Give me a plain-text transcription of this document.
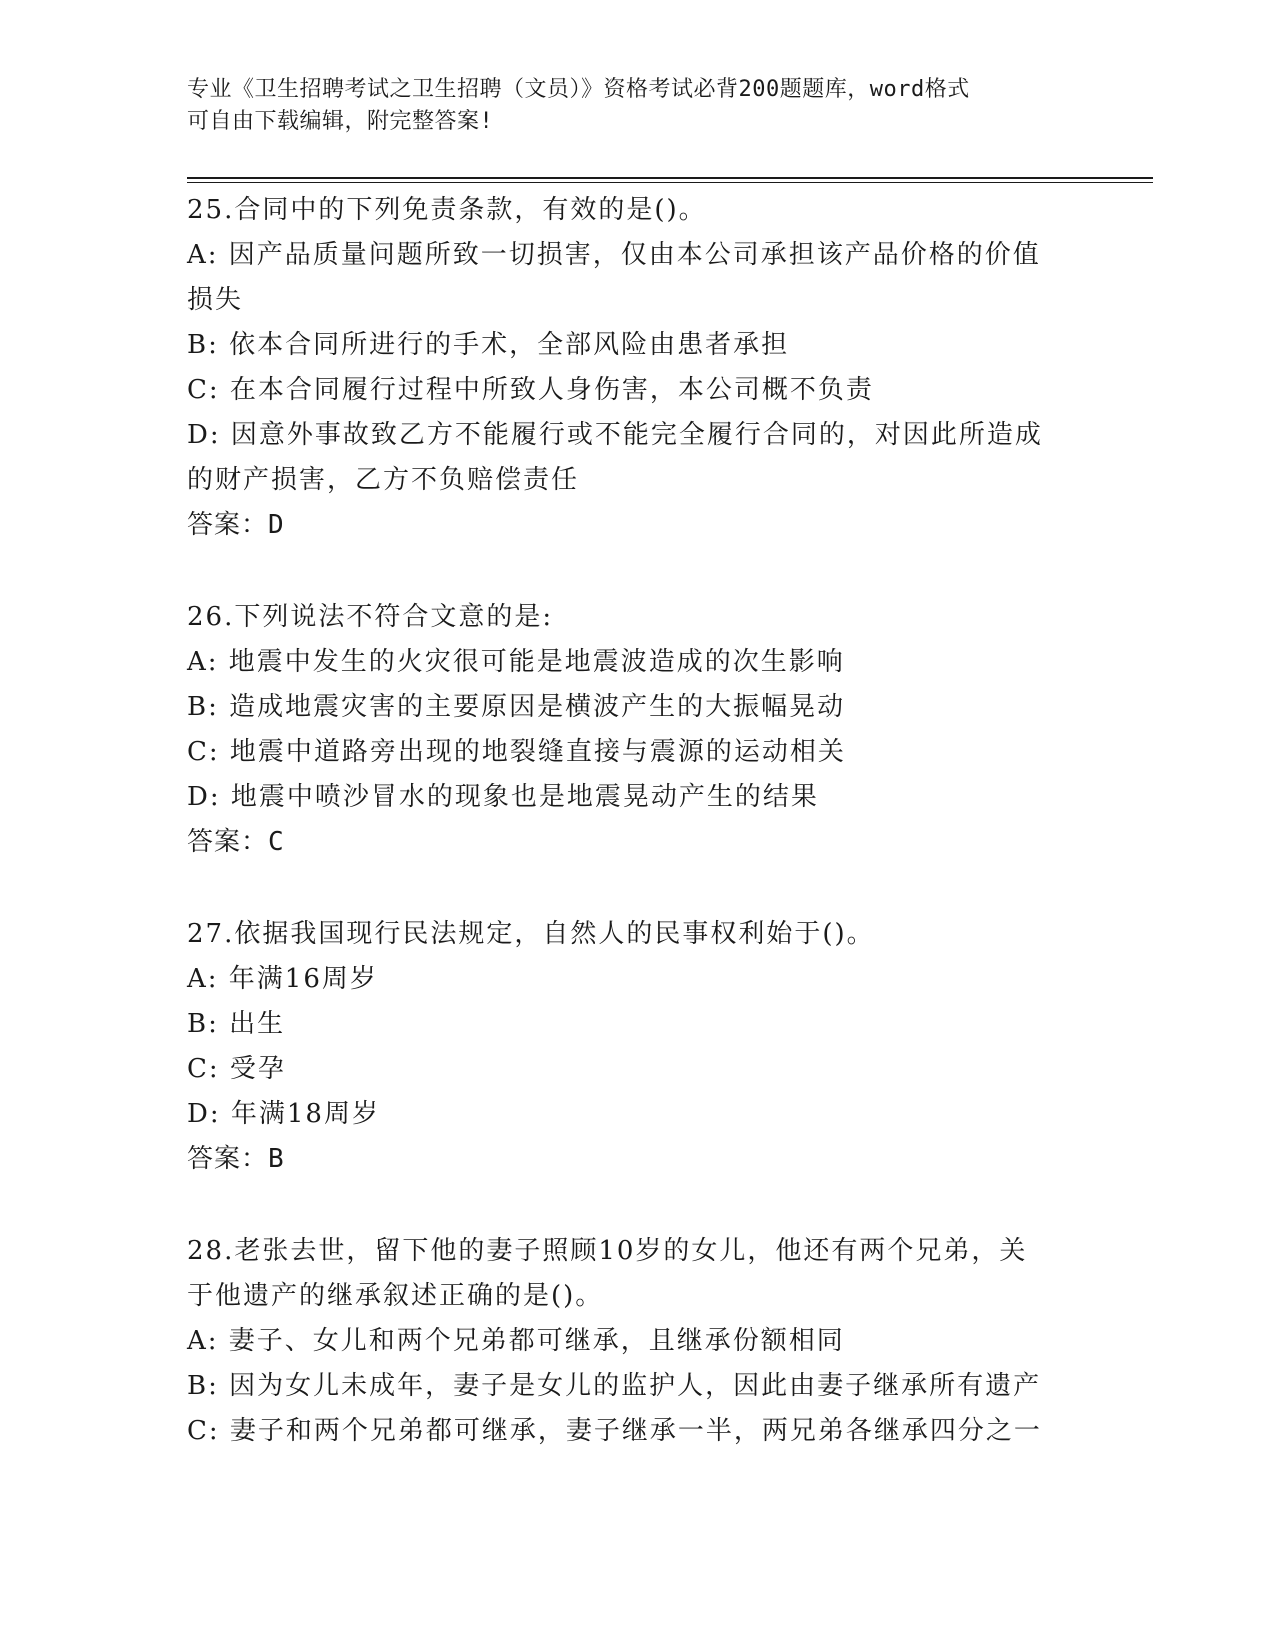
专业《卫生招聘考试之卫生招聘（文员）》资格考试必背200题题库，word格式
可自由下载编辑，附完整答案!
25.合同中的下列免责条款，有效的是()。
A: 因产品质量问题所致一切损害，仅由本公司承担该产品价格的价值
损失
B: 依本合同所进行的手术，全部风险由患者承担
C: 在本合同履行过程中所致人身伤害，本公司概不负责
D: 因意外事故致乙方不能履行或不能完全履行合同的，对因此所造成
的财产损害，乙方不负赔偿责任
答案：D
26.下列说法不符合文意的是:
A: 地震中发生的火灾很可能是地震波造成的次生影响
B: 造成地震灾害的主要原因是横波产生的大振幅晃动
C: 地震中道路旁出现的地裂缝直接与震源的运动相关
D: 地震中喷沙冒水的现象也是地震晃动产生的结果
答案：C
27.依据我国现行民法规定，自然人的民事权利始于()。
A: 年满16周岁
B: 出生
C: 受孕
D: 年满18周岁
答案：B
28.老张去世，留下他的妻子照顾10岁的女儿，他还有两个兄弟，关
于他遗产的继承叙述正确的是()。
A: 妻子、女儿和两个兄弟都可继承，且继承份额相同
B: 因为女儿未成年，妻子是女儿的监护人，因此由妻子继承所有遗产
C: 妻子和两个兄弟都可继承，妻子继承一半，两兄弟各继承四分之一
